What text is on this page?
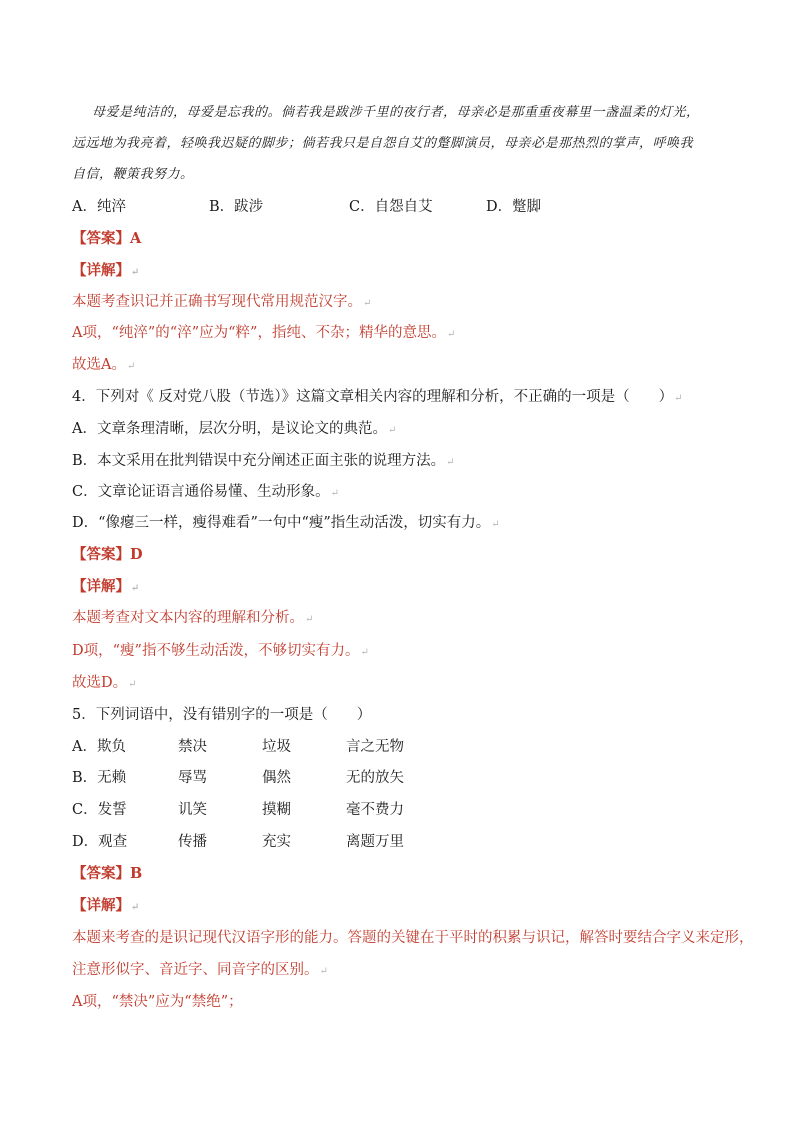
母爱是纯洁的，母爱是忘我的。倘若我是跋涉千里的夜行者，母亲必是那重重夜幕里一盏温柔的灯光，
远远地为我亮着，轻唤我迟疑的脚步；倘若我只是自怨自艾的蹩脚演员，母亲必是那热烈的掌声，呼唤我
自信，鞭策我努力。
A．纯淬	B．跋涉	C．自怨自艾	D．蹩脚
【答案】A
【详解】↵
本题考查识记并正确书写现代常用规范汉字。↵
A项，“纯淬”的“淬”应为“粹”，指纯、不杂；精华的意思。↵
故选A。↵
4．下列对《 反对党八股（节选）》这篇文章相关内容的理解和分析，不正确的一项是（　　）↵
A．文章条理清晰，层次分明，是议论文的典范。↵
B．本文采用在批判错误中充分阐述正面主张的说理方法。↵
C．文章论证语言通俗易懂、生动形象。↵
D．“像瘪三一样，瘦得难看”一句中“瘦”指生动活泼，切实有力。↵
【答案】D
【详解】↵
本题考查对文本内容的理解和分析。↵
D项，“瘦”指不够生动活泼，不够切实有力。↵
故选D。↵
5．下列词语中，没有错别字的一项是（　　）
A．欺负	禁决	垃圾	言之无物
B．无赖	辱骂	偶然	无的放矢
C．发誓	讥笑	摸糊	毫不费力
D．观查	传播	充实	离题万里
【答案】B
【详解】↵
本题来考查的是识记现代汉语字形的能力。答题的关键在于平时的积累与识记，解答时要结合字义来定形，
注意形似字、音近字、同音字的区别。↵
A项，“禁决”应为“禁绝”；
